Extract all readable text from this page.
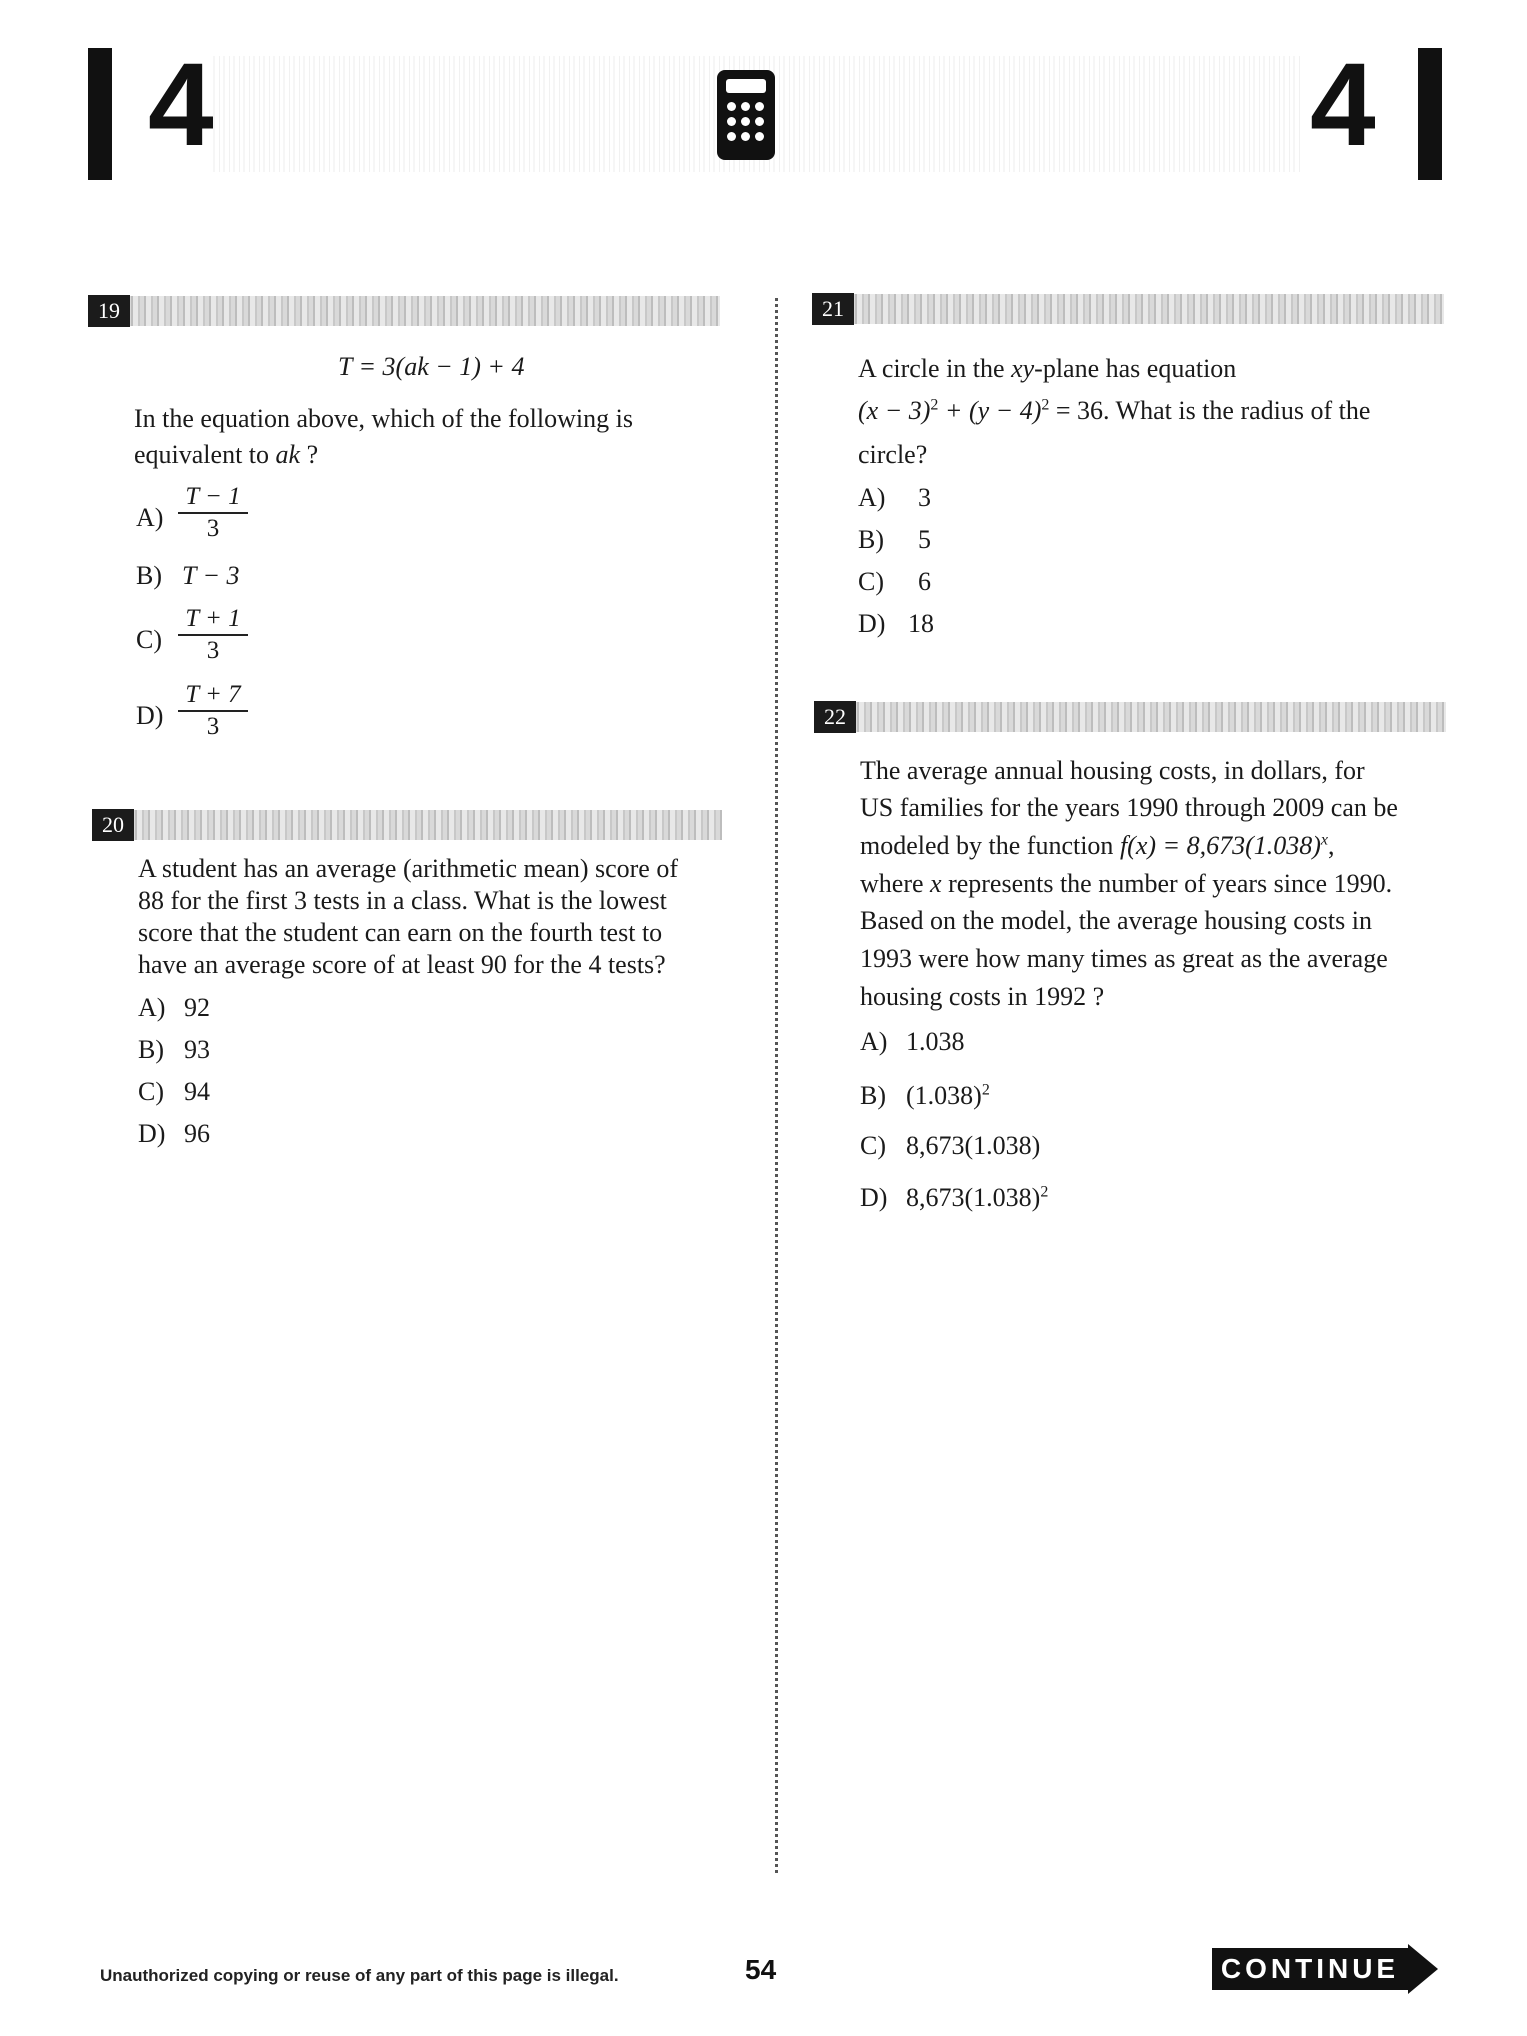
4	4
19
T = 3(ak − 1) + 4
In the equation above, which of the following is
equivalent to ak ?
$A) \frac{T - 1}{3}$
B) T − 3
$C) \frac{T + 1}{3}$
$D) \frac{T + 7}{3}$
20
A student has an average (arithmetic mean) score of
88 for the first 3 tests in a class. What is the lowest
score that the student can earn on the fourth test to
have an average score of at least 90 for the 4 tests?
A) 92
B) 93
C) 94
D) 96
21
A circle in the xy-plane has equation
$(x - 3)^2 + (y - 4)^2 = 36$. What is the radius of the
circle?
A) 3
B) 5
C) 6
D) 18
22
The average annual housing costs, in dollars, for
US families for the years 1990 through 2009 can be
modeled by the function $f(x) = 8,673(1.038)^x$,
where x represents the number of years since 1990.
Based on the model, the average housing costs in
1993 were how many times as great as the average
housing costs in 1992 ?
A) 1.038
B) $(1.038)^2$
C) 8,673(1.038)
D) $8,673(1.038)^2$
Unauthorized copying or reuse of any part of this page is illegal.	54	CONTINUE
